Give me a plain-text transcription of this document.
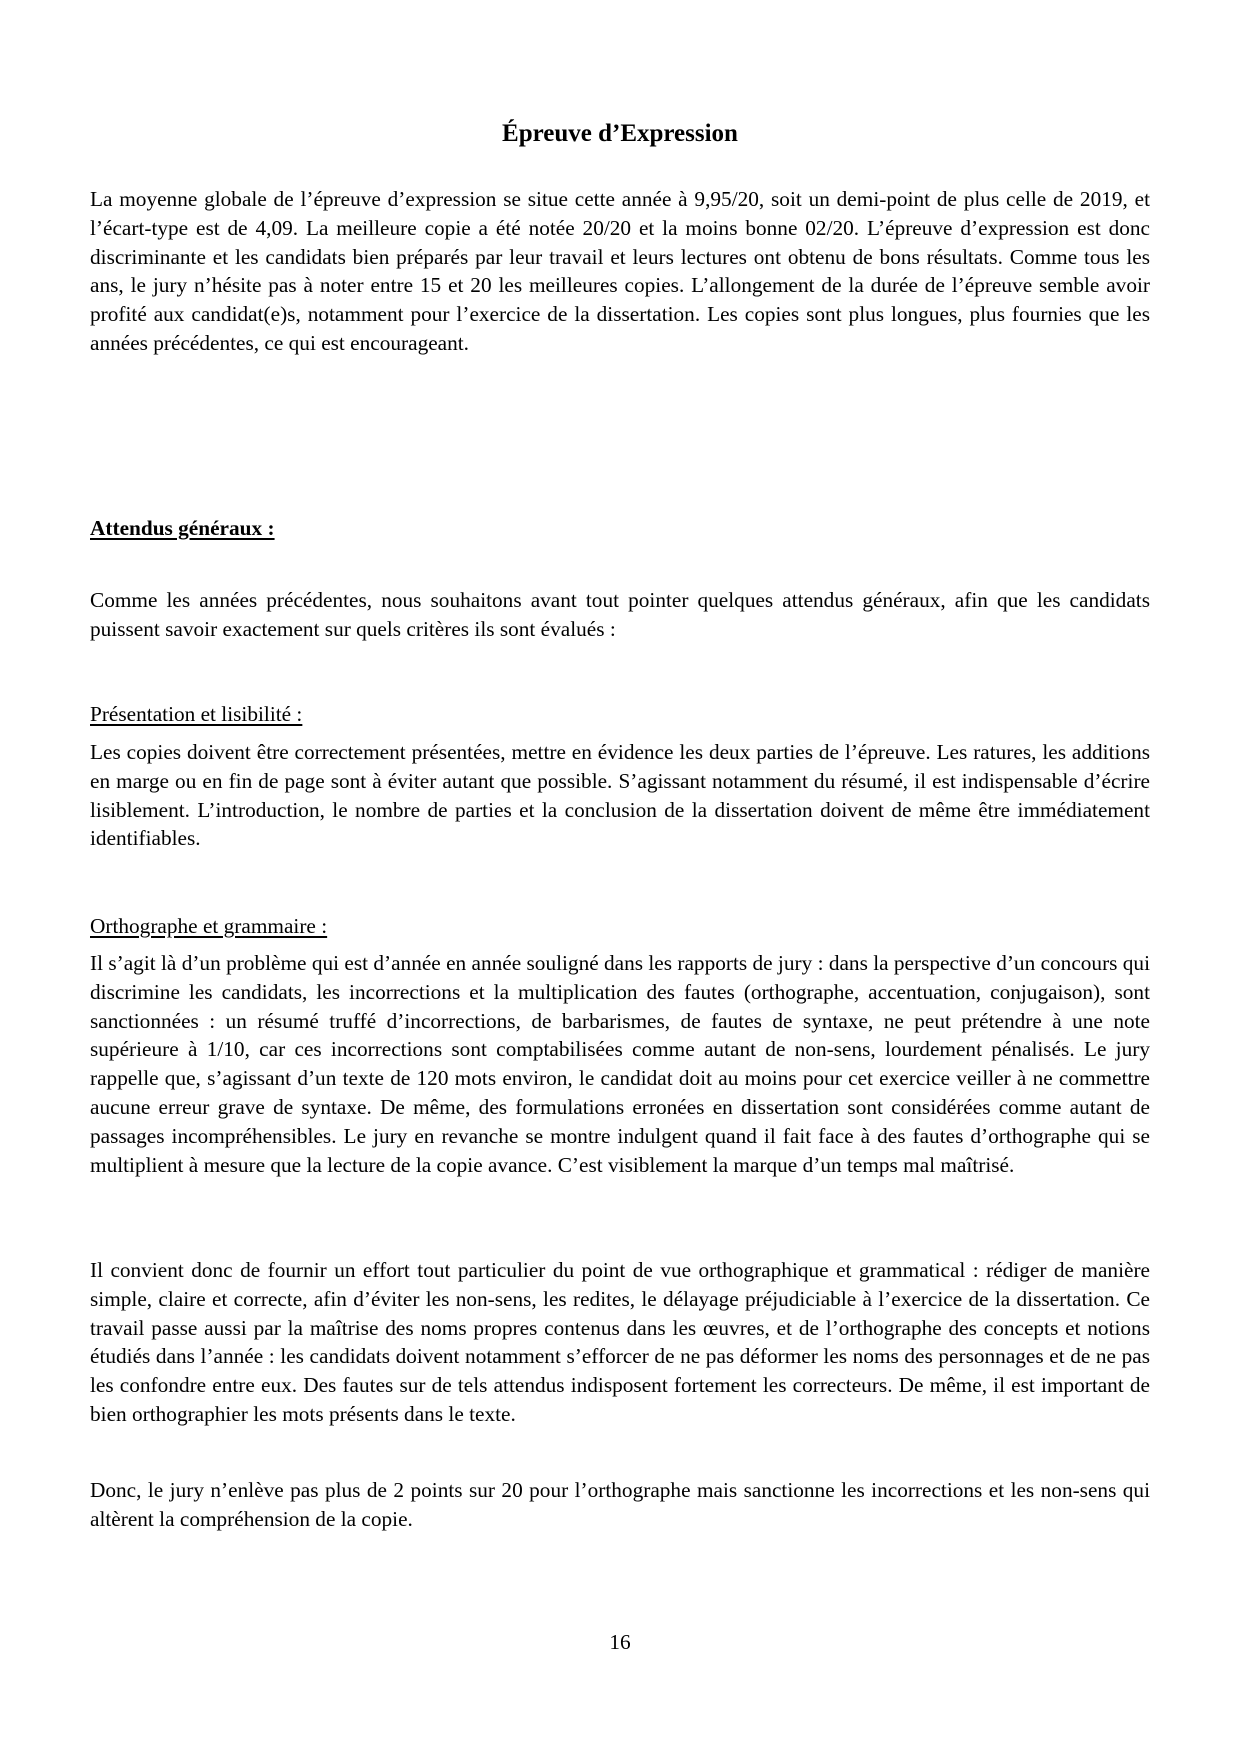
Épreuve d’Expression

La moyenne globale de l’épreuve d’expression se situe cette année à 9,95/20, soit un demi-point de plus celle de 2019, et l’écart-type est de 4,09. La meilleure copie a été notée 20/20 et la moins bonne 02/20. L’épreuve d’expression est donc discriminante et les candidats bien préparés par leur travail et leurs lectures ont obtenu de bons résultats. Comme tous les ans, le jury n’hésite pas à noter entre 15 et 20 les meilleures copies. L’allongement de la durée de l’épreuve semble avoir profité aux candidat(e)s, notamment pour l’exercice de la dissertation. Les copies sont plus longues, plus fournies que les années précédentes, ce qui est encourageant.

Attendus généraux :

Comme les années précédentes, nous souhaitons avant tout pointer quelques attendus généraux, afin que les candidats puissent savoir exactement sur quels critères ils sont évalués :

Présentation et lisibilité :

Les copies doivent être correctement présentées, mettre en évidence les deux parties de l’épreuve. Les ratures, les additions en marge ou en fin de page sont à éviter autant que possible. S’agissant notamment du résumé, il est indispensable d’écrire lisiblement. L’introduction, le nombre de parties et la conclusion de la dissertation doivent de même être immédiatement identifiables.

Orthographe et grammaire :

Il s’agit là d’un problème qui est d’année en année souligné dans les rapports de jury : dans la perspective d’un concours qui discrimine les candidats, les incorrections et la multiplication des fautes (orthographe, accentuation, conjugaison), sont sanctionnées : un résumé truffé d’incorrections, de barbarismes, de fautes de syntaxe, ne peut prétendre à une note supérieure à 1/10, car ces incorrections sont comptabilisées comme autant de non-sens, lourdement pénalisés. Le jury rappelle que, s’agissant d’un texte de 120 mots environ, le candidat doit au moins pour cet exercice veiller à ne commettre aucune erreur grave de syntaxe. De même, des formulations erronées en dissertation sont considérées comme autant de passages incompréhensibles. Le jury en revanche se montre indulgent quand il fait face à des fautes d’orthographe qui se multiplient à mesure que la lecture de la copie avance. C’est visiblement la marque d’un temps mal maîtrisé.

Il convient donc de fournir un effort tout particulier du point de vue orthographique et grammatical : rédiger de manière simple, claire et correcte, afin d’éviter les non-sens, les redites, le délayage préjudiciable à l’exercice de la dissertation. Ce travail passe aussi par la maîtrise des noms propres contenus dans les œuvres, et de l’orthographe des concepts et notions étudiés dans l’année : les candidats doivent notamment s’efforcer de ne pas déformer les noms des personnages et de ne pas les confondre entre eux. Des fautes sur de tels attendus indisposent fortement les correcteurs. De même, il est important de bien orthographier les mots présents dans le texte.

Donc, le jury n’enlève pas plus de 2 points sur 20 pour l’orthographe mais sanctionne les incorrections et les non-sens qui altèrent la compréhension de la copie.

16
